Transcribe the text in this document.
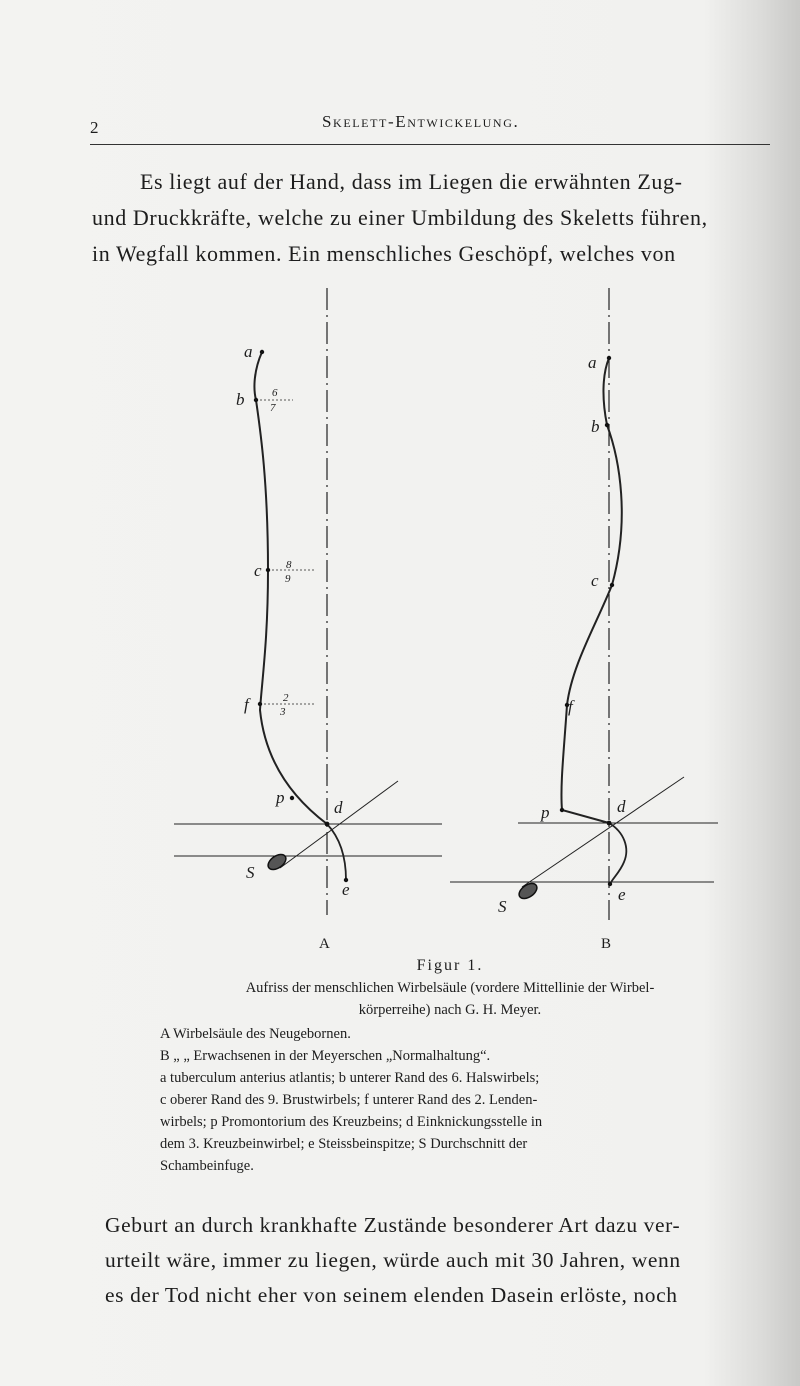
2	Skelett-Entwickelung.
Es liegt auf der Hand, dass im Liegen die erwähnten Zug-
und Druckkräfte, welche zu einer Umbildung des Skeletts führen,
in Wegfall kommen. Ein menschliches Geschöpf, welches von
a
b
c
f
p
d
S
e
6
7
8
9
2
3
a
b
c
f
p	d
S
e
A	B
Figur 1.
Aufriss der menschlichen Wirbelsäule (vordere Mittellinie der Wirbel-
körperreihe) nach G. H. Meyer.
A Wirbelsäule des Neugebornen.
B „ „ Erwachsenen in der Meyerschen „Normalhaltung“.
a tuberculum anterius atlantis; b unterer Rand des 6. Halswirbels;
c oberer Rand des 9. Brustwirbels; f unterer Rand des 2. Lenden-
wirbels; p Promontorium des Kreuzbeins; d Einknickungsstelle in
dem 3. Kreuzbeinwirbel; e Steissbeinspitze; S Durchschnitt der
Schambeinfuge.
Geburt an durch krankhafte Zustände besonderer Art dazu ver-
urteilt wäre, immer zu liegen, würde auch mit 30 Jahren, wenn
es der Tod nicht eher von seinem elenden Dasein erlöste, noch
